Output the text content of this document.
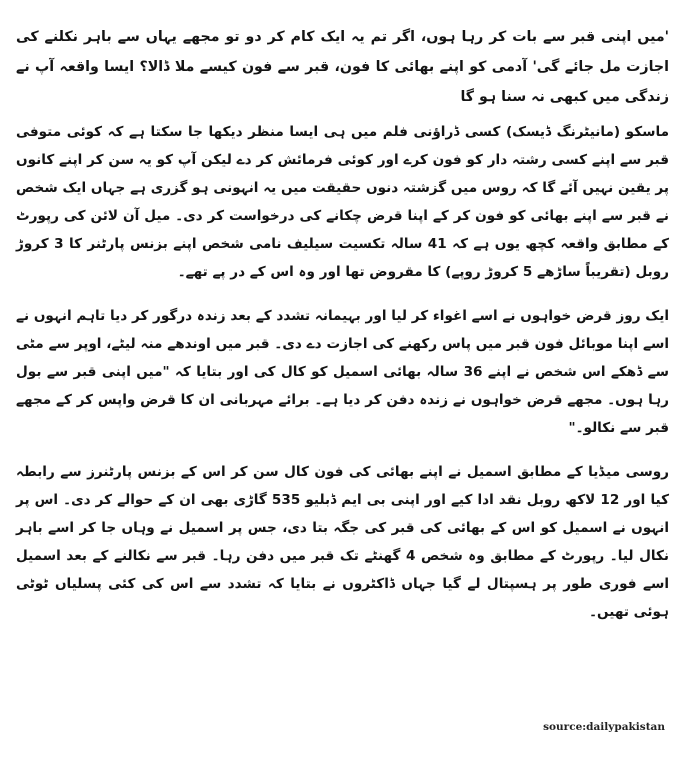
'میں اپنی قبر سے بات کر رہا ہوں، اگر تم یہ ایک کام کر دو تو مجھے یہاں سے باہر نکلنے کی اجازت مل جائے گی' آدمی کو اپنے بھائی کا فون، قبر سے فون کیسے ملا ڈالا؟ ایسا واقعہ آپ نے زندگی میں کبھی نہ سنا ہو گا

ماسکو (مانیٹرنگ ڈیسک) کسی ڈراؤنی فلم میں ہی ایسا منظر دیکھا جا سکتا ہے کہ کوئی متوفی قبر سے اپنے کسی رشتہ دار کو فون کرے اور کوئی فرمائش کر دے لیکن آپ کو یہ سن کر اپنے کانوں پر یقین نہیں آئے گا کہ روس میں گزشتہ دنوں حقیقت میں یہ انہونی ہو گزری ہے جہاں ایک شخص نے قبر سے اپنے بھائی کو فون کر کے اپنا قرض چکانے کی درخواست کر دی۔ میل آن لائن کی رپورٹ کے مطابق واقعہ کچھ یوں ہے کہ 41 سالہ تکسیت سیلیف نامی شخص اپنے بزنس پارٹنر کا 3 کروڑ روبل (تقریباً ساڑھے 5 کروڑ روپے) کا مقروض تھا اور وہ اس کے در پے تھے۔

ایک روز قرض خواہوں نے اسے اغواء کر لیا اور بہیمانہ تشدد کے بعد زندہ درگور کر دیا تاہم انہوں نے اسے اپنا موبائل فون قبر میں پاس رکھنے کی اجازت دے دی۔ قبر میں اوندھے منہ لیٹے، اوپر سے مٹی سے ڈھکے اس شخص نے اپنے 36 سالہ بھائی اسمیل کو کال کی اور بتایا کہ "میں اپنی قبر سے بول رہا ہوں۔ مجھے قرض خواہوں نے زندہ دفن کر دیا ہے۔ برائے مہربانی ان کا قرض واپس کر کے مجھے قبر سے نکالو۔"

روسی میڈیا کے مطابق اسمیل نے اپنے بھائی کی فون کال سن کر اس کے بزنس پارٹنرز سے رابطہ کیا اور 12 لاکھ روبل نقد ادا کیے اور اپنی بی ایم ڈبلیو 535 گاڑی بھی ان کے حوالے کر دی۔ اس پر انہوں نے اسمیل کو اس کے بھائی کی قبر کی جگہ بتا دی، جس پر اسمیل نے وہاں جا کر اسے باہر نکال لیا۔ رپورٹ کے مطابق وہ شخص 4 گھنٹے تک قبر میں دفن رہا۔ قبر سے نکالنے کے بعد اسمیل اسے فوری طور پر ہسپتال لے گیا جہاں ڈاکٹروں نے بتایا کہ تشدد سے اس کی کئی پسلیاں ٹوٹی ہوئی تھیں۔

source:dailypakistan
